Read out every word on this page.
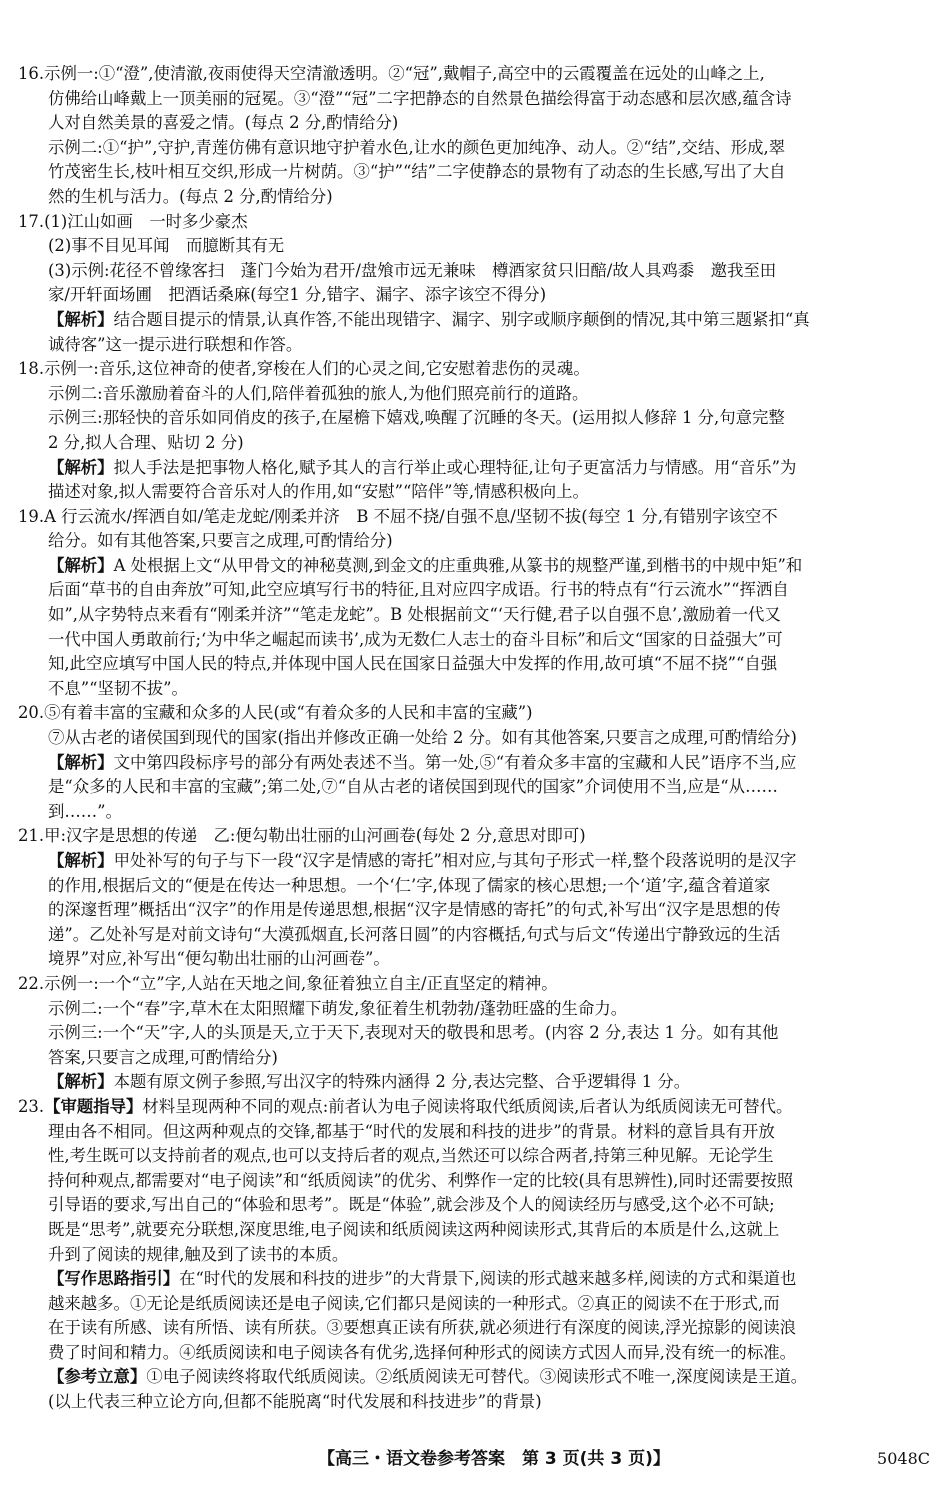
16.示例一:①“澄”,使清澈,夜雨使得天空清澈透明。②“冠”,戴帽子,高空中的云霞覆盖在远处的山峰之上,
仿佛给山峰戴上一顶美丽的冠冕。③“澄”“冠”二字把静态的自然景色描绘得富于动态感和层次感,蕴含诗
人对自然美景的喜爱之情。(每点 2 分,酌情给分)
示例二:①“护”,守护,青莲仿佛有意识地守护着水色,让水的颜色更加纯净、动人。②“结”,交结、形成,翠
竹茂密生长,枝叶相互交织,形成一片树荫。③“护”“结”二字使静态的景物有了动态的生长感,写出了大自
然的生机与活力。(每点 2 分,酌情给分)
17.(1)江山如画　一时多少豪杰
(2)事不目见耳闻　而臆断其有无
(3)示例:花径不曾缘客扫　蓬门今始为君开/盘飧市远无兼味　樽酒家贫只旧醅/故人具鸡黍　邀我至田
家/开轩面场圃　把酒话桑麻(每空1 分,错字、漏字、添字该空不得分)
【解析】结合题目提示的情景,认真作答,不能出现错字、漏字、别字或顺序颠倒的情况,其中第三题紧扣“真
诚待客”这一提示进行联想和作答。
18.示例一:音乐,这位神奇的使者,穿梭在人们的心灵之间,它安慰着悲伤的灵魂。
示例二:音乐激励着奋斗的人们,陪伴着孤独的旅人,为他们照亮前行的道路。
示例三:那轻快的音乐如同俏皮的孩子,在屋檐下嬉戏,唤醒了沉睡的冬天。(运用拟人修辞 1 分,句意完整
2 分,拟人合理、贴切 2 分)
【解析】拟人手法是把事物人格化,赋予其人的言行举止或心理特征,让句子更富活力与情感。用“音乐”为
描述对象,拟人需要符合音乐对人的作用,如“安慰”“陪伴”等,情感积极向上。
19.A 行云流水/挥洒自如/笔走龙蛇/刚柔并济　B 不屈不挠/自强不息/坚韧不拔(每空 1 分,有错别字该空不
给分。如有其他答案,只要言之成理,可酌情给分)
【解析】A 处根据上文“从甲骨文的神秘莫测,到金文的庄重典雅,从篆书的规整严谨,到楷书的中规中矩”和
后面“草书的自由奔放”可知,此空应填写行书的特征,且对应四字成语。行书的特点有“行云流水”“挥洒自
如”,从字势特点来看有“刚柔并济”“笔走龙蛇”。B 处根据前文“‘天行健,君子以自强不息’,激励着一代又
一代中国人勇敢前行;‘为中华之崛起而读书’,成为无数仁人志士的奋斗目标”和后文“国家的日益强大”可
知,此空应填写中国人民的特点,并体现中国人民在国家日益强大中发挥的作用,故可填“不屈不挠”“自强
不息”“坚韧不拔”。
20.⑤有着丰富的宝藏和众多的人民(或“有着众多的人民和丰富的宝藏”)
⑦从古老的诸侯国到现代的国家(指出并修改正确一处给 2 分。如有其他答案,只要言之成理,可酌情给分)
【解析】文中第四段标序号的部分有两处表述不当。第一处,⑤“有着众多丰富的宝藏和人民”语序不当,应
是“众多的人民和丰富的宝藏”;第二处,⑦“自从古老的诸侯国到现代的国家”介词使用不当,应是“从……
到……”。
21.甲:汉字是思想的传递　乙:便勾勒出壮丽的山河画卷(每处 2 分,意思对即可)
【解析】甲处补写的句子与下一段“汉字是情感的寄托”相对应,与其句子形式一样,整个段落说明的是汉字
的作用,根据后文的“便是在传达一种思想。一个‘仁’字,体现了儒家的核心思想;一个‘道’字,蕴含着道家
的深邃哲理”概括出“汉字”的作用是传递思想,根据“汉字是情感的寄托”的句式,补写出“汉字是思想的传
递”。乙处补写是对前文诗句“大漠孤烟直,长河落日圆”的内容概括,句式与后文“传递出宁静致远的生活
境界”对应,补写出“便勾勒出壮丽的山河画卷”。
22.示例一:一个“立”字,人站在天地之间,象征着独立自主/正直坚定的精神。
示例二:一个“春”字,草木在太阳照耀下萌发,象征着生机勃勃/蓬勃旺盛的生命力。
示例三:一个“天”字,人的头顶是天,立于天下,表现对天的敬畏和思考。(内容 2 分,表达 1 分。如有其他
答案,只要言之成理,可酌情给分)
【解析】本题有原文例子参照,写出汉字的特殊内涵得 2 分,表达完整、合乎逻辑得 1 分。
23.【审题指导】材料呈现两种不同的观点:前者认为电子阅读将取代纸质阅读,后者认为纸质阅读无可替代。
理由各不相同。但这两种观点的交锋,都基于“时代的发展和科技的进步”的背景。材料的意旨具有开放
性,考生既可以支持前者的观点,也可以支持后者的观点,当然还可以综合两者,持第三种见解。无论学生
持何种观点,都需要对“电子阅读”和“纸质阅读”的优劣、利弊作一定的比较(具有思辨性),同时还需要按照
引导语的要求,写出自己的“体验和思考”。既是“体验”,就会涉及个人的阅读经历与感受,这个必不可缺;
既是“思考”,就要充分联想,深度思维,电子阅读和纸质阅读这两种阅读形式,其背后的本质是什么,这就上
升到了阅读的规律,触及到了读书的本质。
【写作思路指引】在“时代的发展和科技的进步”的大背景下,阅读的形式越来越多样,阅读的方式和渠道也
越来越多。①无论是纸质阅读还是电子阅读,它们都只是阅读的一种形式。②真正的阅读不在于形式,而
在于读有所感、读有所悟、读有所获。③要想真正读有所获,就必须进行有深度的阅读,浮光掠影的阅读浪
费了时间和精力。④纸质阅读和电子阅读各有优劣,选择何种形式的阅读方式因人而异,没有统一的标准。
【参考立意】①电子阅读终将取代纸质阅读。②纸质阅读无可替代。③阅读形式不唯一,深度阅读是王道。
(以上代表三种立论方向,但都不能脱离“时代发展和科技进步”的背景)
【高三・语文卷参考答案　第 3 页(共 3 页)】	5048C
